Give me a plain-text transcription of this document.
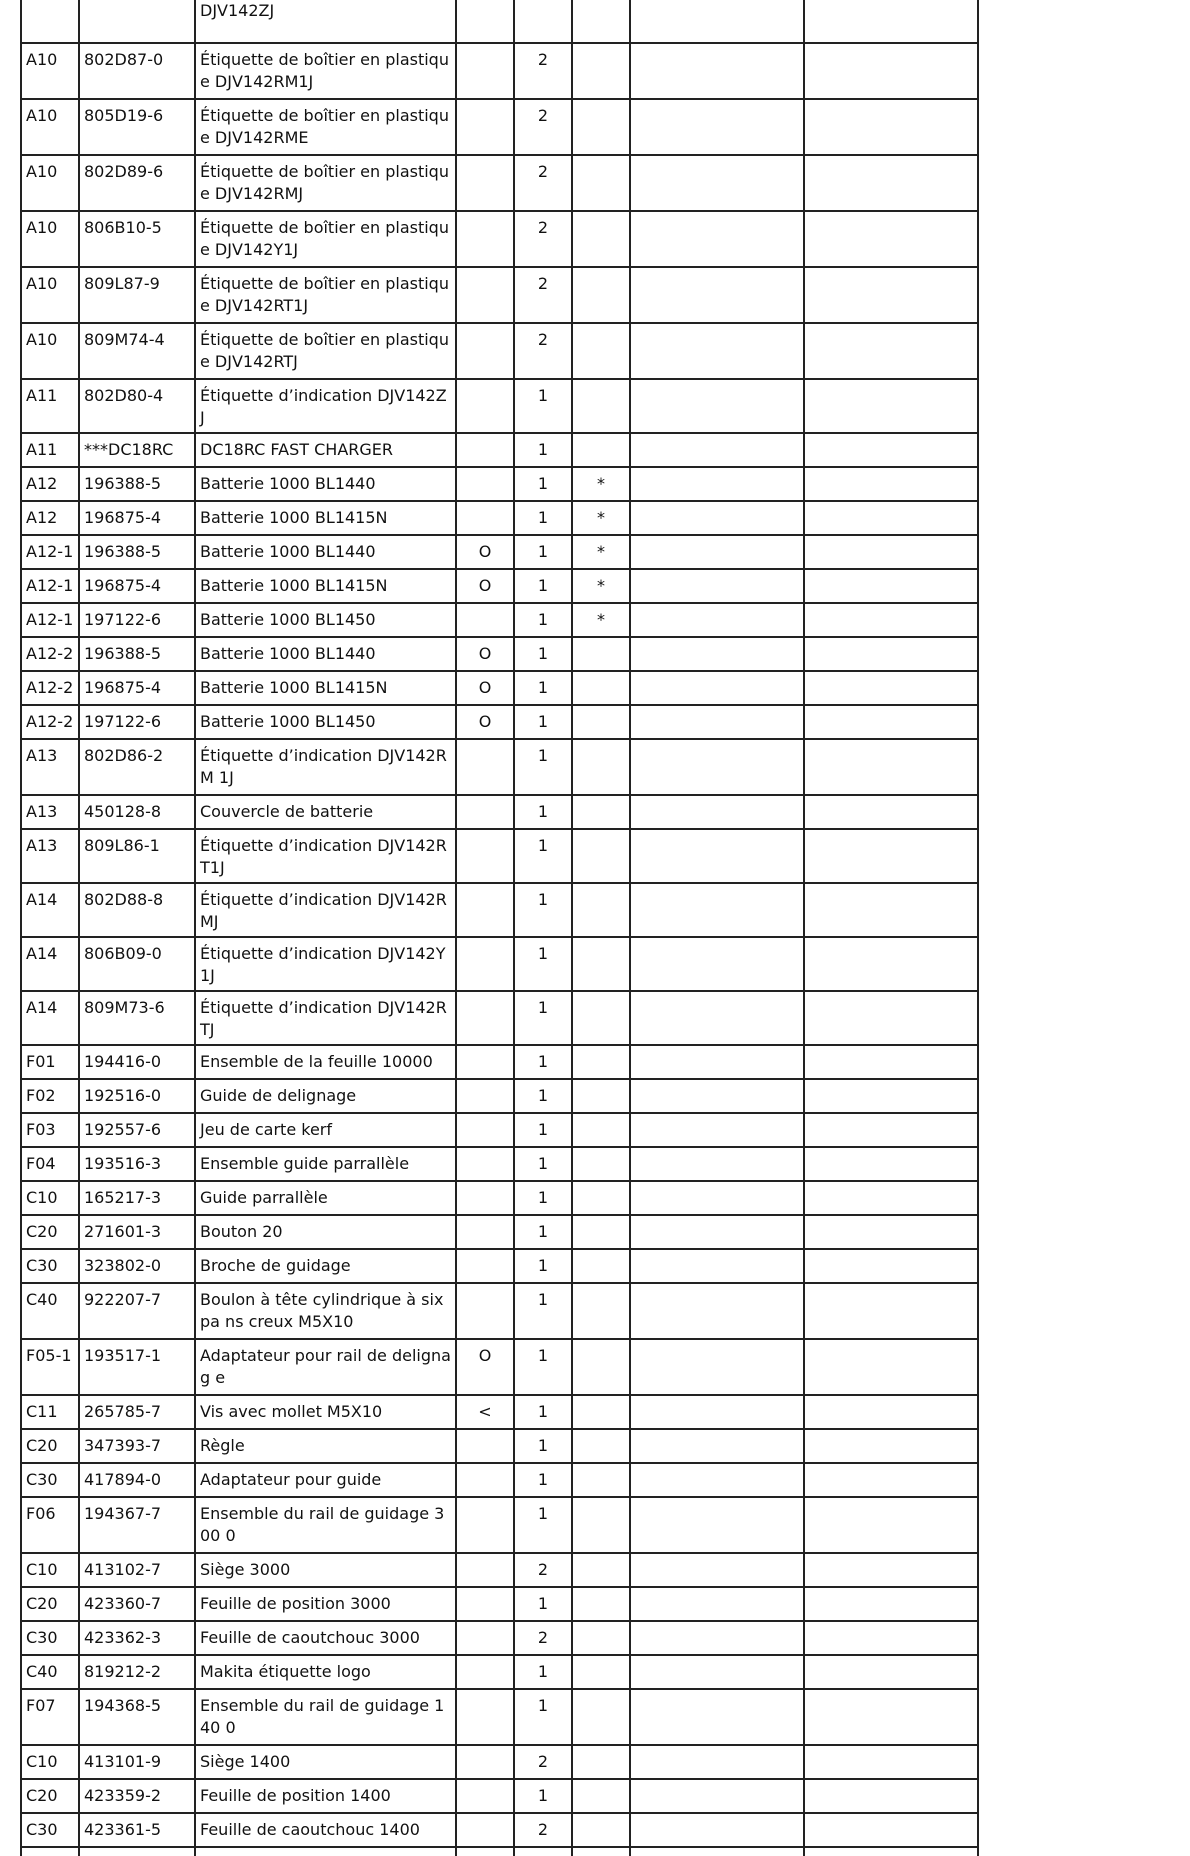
		DJV142ZJ					
A10	802D87-0	Étiquette de boîtier en plastique DJV142RM1J		2			
A10	805D19-6	Étiquette de boîtier en plastique DJV142RME		2			
A10	802D89-6	Étiquette de boîtier en plastique DJV142RMJ		2			
A10	806B10-5	Étiquette de boîtier en plastique DJV142Y1J		2			
A10	809L87-9	Étiquette de boîtier en plastique DJV142RT1J		2			
A10	809M74-4	Étiquette de boîtier en plastique DJV142RTJ		2			
A11	802D80-4	Étiquette d’indication DJV142ZJ		1			
A11	***DC18RC	DC18RC FAST CHARGER		1			
A12	196388-5	Batterie 1000 BL1440		1	*		
A12	196875-4	Batterie 1000 BL1415N		1	*		
A12-1	196388-5	Batterie 1000 BL1440	O	1	*		
A12-1	196875-4	Batterie 1000 BL1415N	O	1	*		
A12-1	197122-6	Batterie 1000 BL1450		1	*		
A12-2	196388-5	Batterie 1000 BL1440	O	1			
A12-2	196875-4	Batterie 1000 BL1415N	O	1			
A12-2	197122-6	Batterie 1000 BL1450	O	1			
A13	802D86-2	Étiquette d’indication DJV142RM 1J		1			
A13	450128-8	Couvercle de batterie		1			
A13	809L86-1	Étiquette d’indication DJV142RT1J		1			
A14	802D88-8	Étiquette d’indication DJV142RMJ		1			
A14	806B09-0	Étiquette d’indication DJV142Y1J		1			
A14	809M73-6	Étiquette d’indication DJV142RTJ		1			
F01	194416-0	Ensemble de la feuille 10000		1			
F02	192516-0	Guide de delignage		1			
F03	192557-6	Jeu de carte kerf		1			
F04	193516-3	Ensemble guide parrallèle		1			
C10	165217-3	Guide parrallèle		1			
C20	271601-3	Bouton 20		1			
C30	323802-0	Broche de guidage		1			
C40	922207-7	Boulon à tête cylindrique à six pa ns creux M5X10		1			
F05-1	193517-1	Adaptateur pour rail de delignag e	O	1			
C11	265785-7	Vis avec mollet M5X10	<	1			
C20	347393-7	Règle		1			
C30	417894-0	Adaptateur pour guide		1			
F06	194367-7	Ensemble du rail de guidage 300 0		1			
C10	413102-7	Siège 3000		2			
C20	423360-7	Feuille de position 3000		1			
C30	423362-3	Feuille de caoutchouc 3000		2			
C40	819212-2	Makita étiquette logo		1			
F07	194368-5	Ensemble du rail de guidage 140 0		1			
C10	413101-9	Siège 1400		2			
C20	423359-2	Feuille de position 1400		1			
C30	423361-5	Feuille de caoutchouc 1400		2			
